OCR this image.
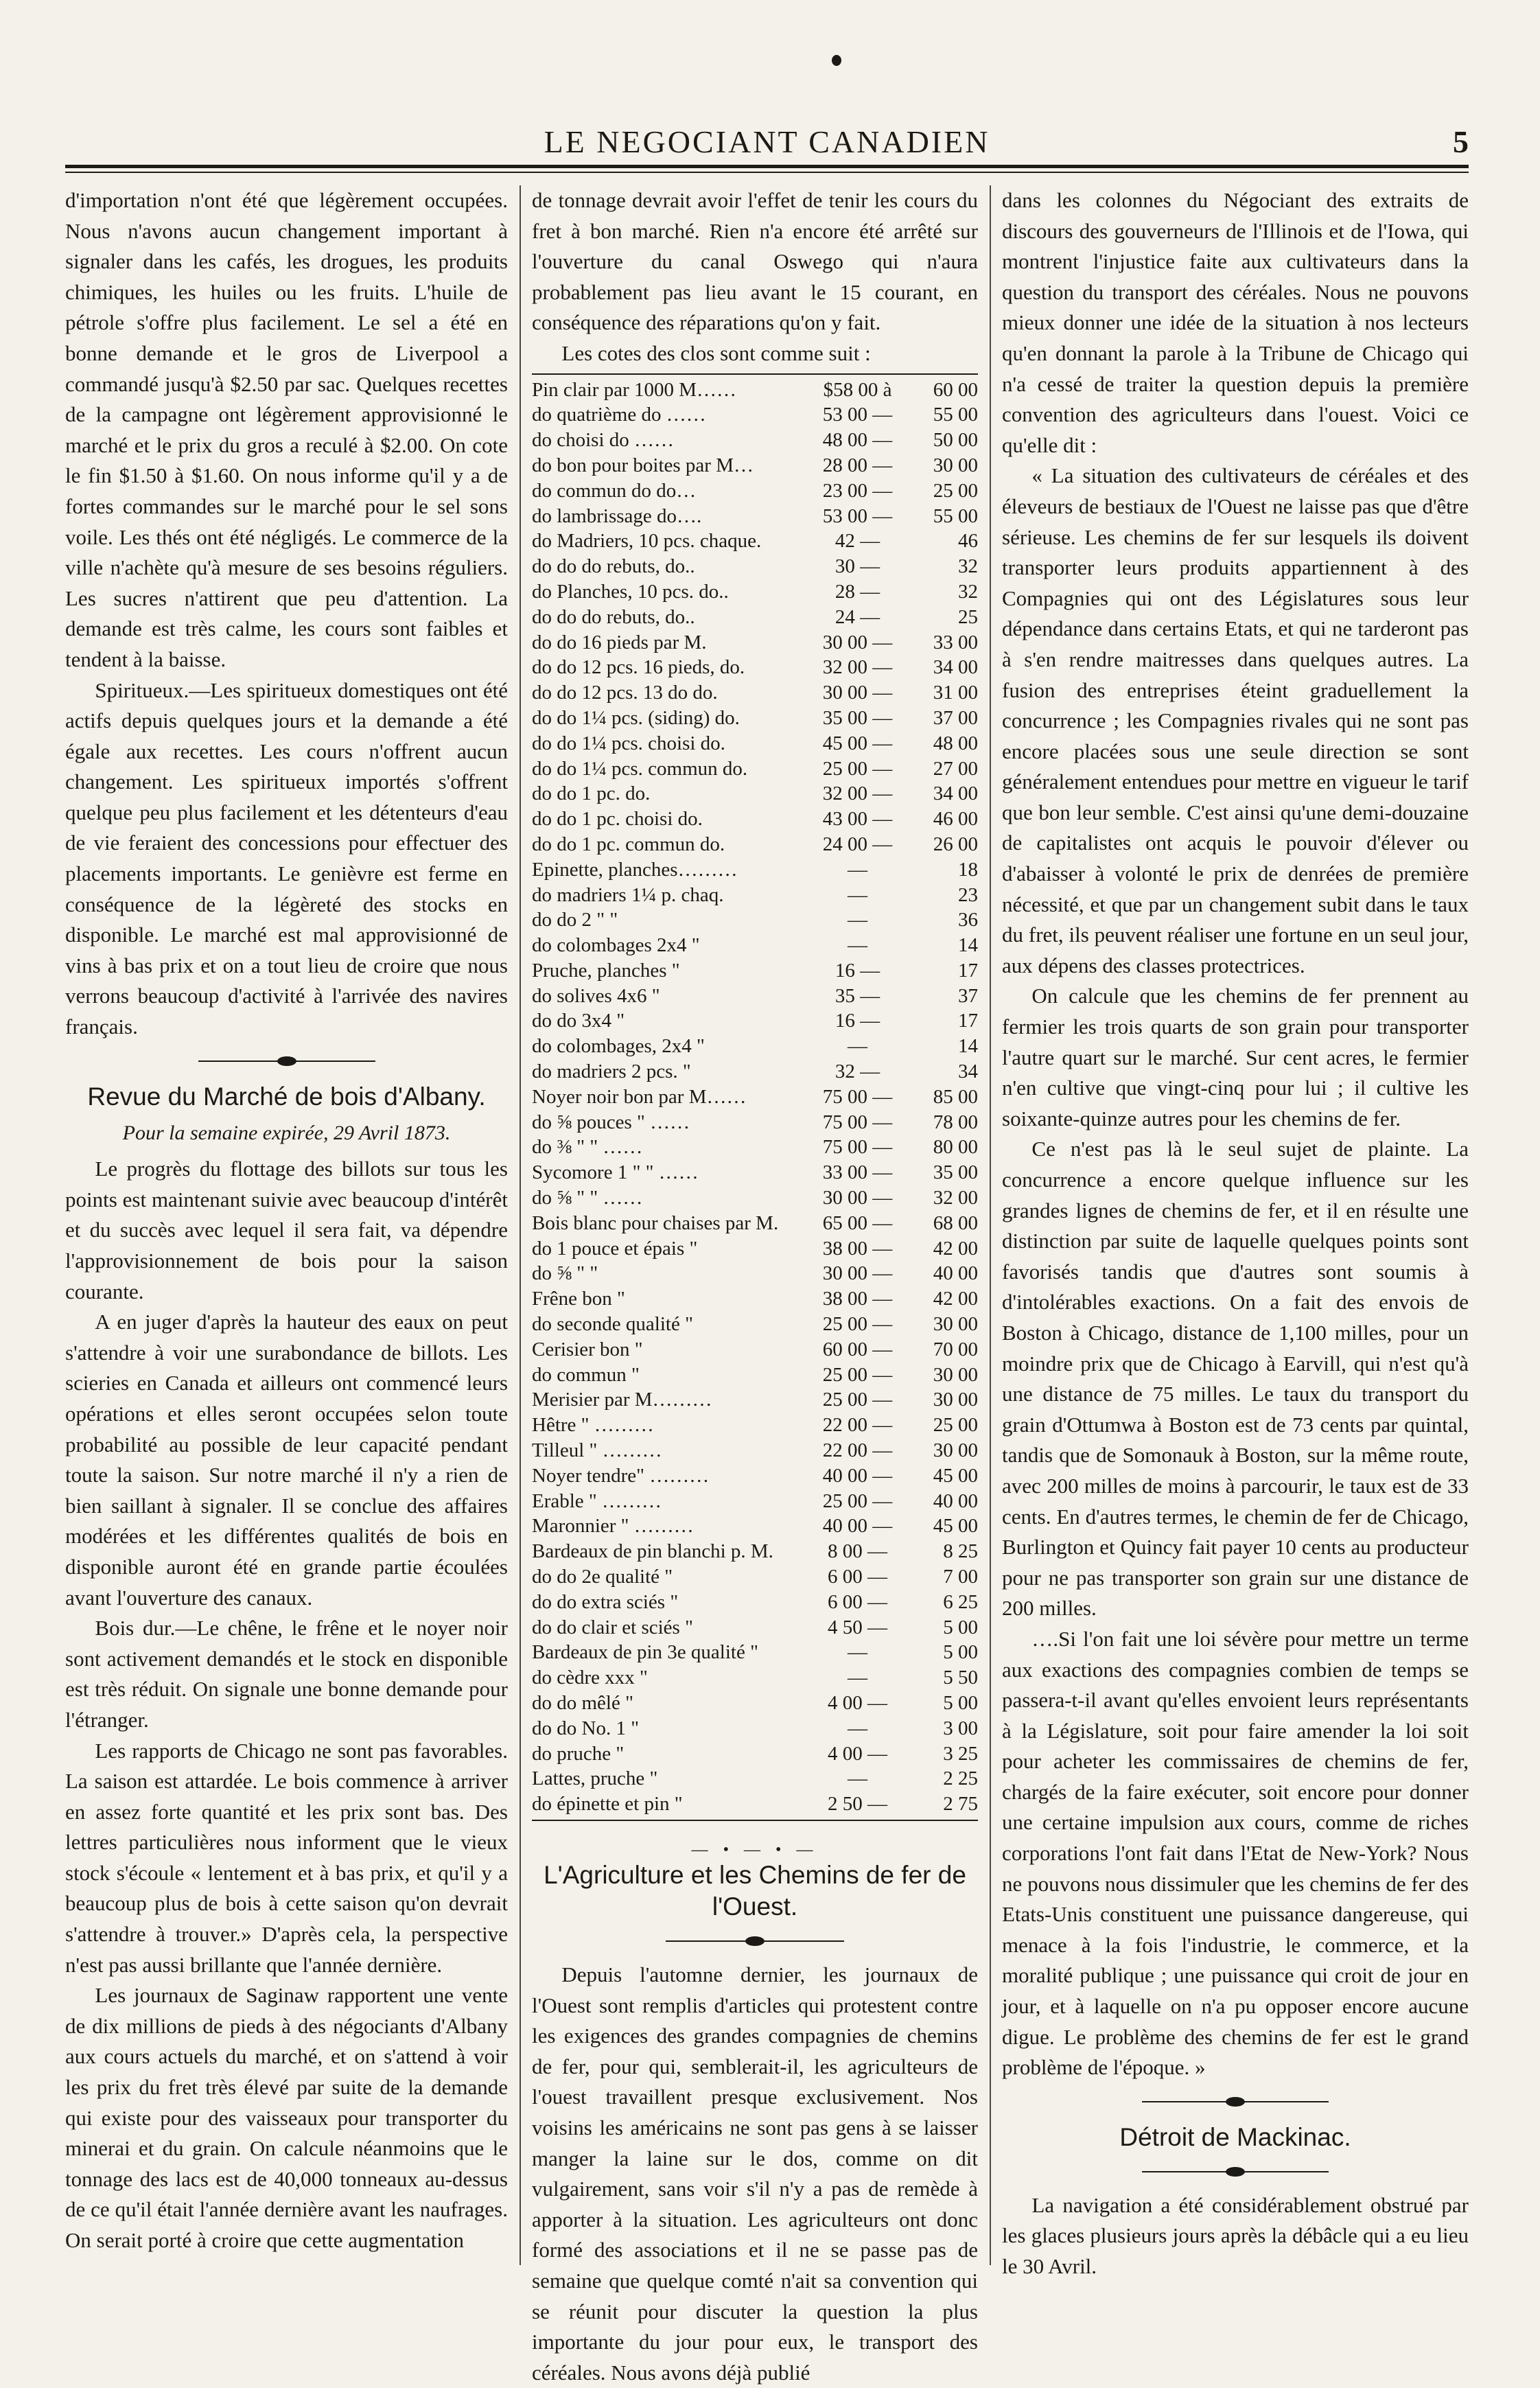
LE NEGOCIANT CANADIEN	5

d'importation n'ont été que légèrement occupées. Nous n'avons aucun changement important à signaler dans les cafés, les drogues, les produits chimiques, les huiles ou les fruits. L'huile de pétrole s'offre plus facilement. Le sel a été en bonne demande et le gros de Liverpool a commandé jusqu'à $2.50 par sac. Quelques recettes de la campagne ont légèrement approvisionné le marché et le prix du gros a reculé à $2.00. On cote le fin $1.50 à $1.60. On nous informe qu'il y a de fortes commandes sur le marché pour le sel sons voile. Les thés ont été négligés. Le commerce de la ville n'achète qu'à mesure de ses besoins réguliers. Les sucres n'attirent que peu d'attention. La demande est très calme, les cours sont faibles et tendent à la baisse.

Spiritueux.—Les spiritueux domestiques ont été actifs depuis quelques jours et la demande a été égale aux recettes. Les cours n'offrent aucun changement. Les spiritueux importés s'offrent quelque peu plus facilement et les détenteurs d'eau de vie feraient des concessions pour effectuer des placements importants. Le genièvre est ferme en conséquence de la légèreté des stocks en disponible. Le marché est mal approvisionné de vins à bas prix et on a tout lieu de croire que nous verrons beaucoup d'activité à l'arrivée des navires français.

Revue du Marché de bois d'Albany.
Pour la semaine expirée, 29 Avril 1873.

Le progrès du flottage des billots sur tous les points est maintenant suivie avec beaucoup d'intérêt et du succès avec lequel il sera fait, va dépendre l'approvisionnement de bois pour la saison courante.

A en juger d'après la hauteur des eaux on peut s'attendre à voir une surabondance de billots. Les scieries en Canada et ailleurs ont commencé leurs opérations et elles seront occupées selon toute probabilité au possible de leur capacité pendant toute la saison. Sur notre marché il n'y a rien de bien saillant à signaler. Il se conclue des affaires modérées et les différentes qualités de bois en disponible auront été en grande partie écoulées avant l'ouverture des canaux.

Bois dur.—Le chêne, le frêne et le noyer noir sont activement demandés et le stock en disponible est très réduit. On signale une bonne demande pour l'étranger.

Les rapports de Chicago ne sont pas favorables. La saison est attardée. Le bois commence à arriver en assez forte quantité et les prix sont bas. Des lettres particulières nous informent que le vieux stock s'écoule « lentement et à bas prix, et qu'il y a beaucoup plus de bois à cette saison qu'on devrait s'attendre à trouver.» D'après cela, la perspective n'est pas aussi brillante que l'année dernière.

Les journaux de Saginaw rapportent une vente de dix millions de pieds à des négociants d'Albany aux cours actuels du marché, et on s'attend à voir les prix du fret très élevé par suite de la demande qui existe pour des vaisseaux pour transporter du minerai et du grain. On calcule néanmoins que le tonnage des lacs est de 40,000 tonneaux au-dessus de ce qu'il était l'année dernière avant les naufrages. On serait porté à croire que cette augmentation

de tonnage devrait avoir l'effet de tenir les cours du fret à bon marché. Rien n'a encore été arrêté sur l'ouverture du canal Oswego qui n'aura probablement pas lieu avant le 15 courant, en conséquence des réparations qu'on y fait.

Les cotes des clos sont comme suit :

Pin clair par 1000 M……	$58 00 à	60 00
do quatrième do ……	53 00 —	55 00
do choisi do ……	48 00 —	50 00
do bon pour boites par M…	28 00 —	30 00
do commun do do…	23 00 —	25 00
do lambrissage do….	53 00 —	55 00
do Madriers, 10 pcs. chaque.	42 —	46
do do do rebuts, do..	30 —	32
do Planches, 10 pcs. do..	28 —	32
do do do rebuts, do..	24 —	25
do do 16 pieds par M.	30 00 —	33 00
do do 12 pcs. 16 pieds, do.	32 00 —	34 00
do do 12 pcs. 13 do do.	30 00 —	31 00
do do 1¼ pcs. (siding) do.	35 00 —	37 00
do do 1¼ pcs. choisi do.	45 00 —	48 00
do do 1¼ pcs. commun do.	25 00 —	27 00
do do 1 pc. do.	32 00 —	34 00
do do 1 pc. choisi do.	43 00 —	46 00
do do 1 pc. commun do.	24 00 —	26 00
Epinette, planches………	—	18
do madriers 1¼ p. chaq.	—	23
do do 2 " "	—	36
do colombages 2x4 "	—	14
Pruche, planches "	16 —	17
do solives 4x6 "	35 —	37
do do 3x4 "	16 —	17
do colombages, 2x4 "	—	14
do madriers 2 pcs. "	32 —	34
Noyer noir bon par M……	75 00 —	85 00
do ⅝ pouces " ……	75 00 —	78 00
do ⅜ " " ……	75 00 —	80 00
Sycomore 1 " " ……	33 00 —	35 00
do ⅝ " " ……	30 00 —	32 00
Bois blanc pour chaises par M.	65 00 —	68 00
do 1 pouce et épais "	38 00 —	42 00
do ⅝ " "	30 00 —	40 00
Frêne bon "	38 00 —	42 00
do seconde qualité "	25 00 —	30 00
Cerisier bon "	60 00 —	70 00
do commun "	25 00 —	30 00
Merisier par M………	25 00 —	30 00
Hêtre " ………	22 00 —	25 00
Tilleul " ………	22 00 —	30 00
Noyer tendre" ………	40 00 —	45 00
Erable " ………	25 00 —	40 00
Maronnier " ………	40 00 —	45 00
Bardeaux de pin blanchi p. M.	8 00 —	8 25
do do 2e qualité "	6 00 —	7 00
do do extra sciés "	6 00 —	6 25
do do clair et sciés "	4 50 —	5 00
Bardeaux de pin 3e qualité "	—	5 00
do cèdre xxx "	—	5 50
do do mêlé "	4 00 —	5 00
do do No. 1 "	—	3 00
do pruche "	4 00 —	3 25
Lattes, pruche "	—	2 25
do épinette et pin "	2 50 —	2 75
— • — • —
L'Agriculture et les Chemins de fer de l'Ouest.

Depuis l'automne dernier, les journaux de l'Ouest sont remplis d'articles qui protestent contre les exigences des grandes compagnies de chemins de fer, pour qui, semblerait-il, les agriculteurs de l'ouest travaillent presque exclusivement. Nos voisins les américains ne sont pas gens à se laisser manger la laine sur le dos, comme on dit vulgairement, sans voir s'il n'y a pas de remède à apporter à la situation. Les agriculteurs ont donc formé des associations et il ne se passe pas de semaine que quelque comté n'ait sa convention qui se réunit pour discuter la question la plus importante du jour pour eux, le transport des céréales. Nous avons déjà publié

dans les colonnes du Négociant des extraits de discours des gouverneurs de l'Illinois et de l'Iowa, qui montrent l'injustice faite aux cultivateurs dans la question du transport des céréales. Nous ne pouvons mieux donner une idée de la situation à nos lecteurs qu'en donnant la parole à la Tribune de Chicago qui n'a cessé de traiter la question depuis la première convention des agriculteurs dans l'ouest. Voici ce qu'elle dit :

« La situation des cultivateurs de céréales et des éleveurs de bestiaux de l'Ouest ne laisse pas que d'être sérieuse. Les chemins de fer sur lesquels ils doivent transporter leurs produits appartiennent à des Compagnies qui ont des Législatures sous leur dépendance dans certains Etats, et qui ne tarderont pas à s'en rendre maitresses dans quelques autres. La fusion des entreprises éteint graduellement la concurrence ; les Compagnies rivales qui ne sont pas encore placées sous une seule direction se sont généralement entendues pour mettre en vigueur le tarif que bon leur semble. C'est ainsi qu'une demi-douzaine de capitalistes ont acquis le pouvoir d'élever ou d'abaisser à volonté le prix de denrées de première nécessité, et que par un changement subit dans le taux du fret, ils peuvent réaliser une fortune en un seul jour, aux dépens des classes protectrices.

On calcule que les chemins de fer prennent au fermier les trois quarts de son grain pour transporter l'autre quart sur le marché. Sur cent acres, le fermier n'en cultive que vingt-cinq pour lui ; il cultive les soixante-quinze autres pour les chemins de fer.

Ce n'est pas là le seul sujet de plainte. La concurrence a encore quelque influence sur les grandes lignes de chemins de fer, et il en résulte une distinction par suite de laquelle quelques points sont favorisés tandis que d'autres sont soumis à d'intolérables exactions. On a fait des envois de Boston à Chicago, distance de 1,100 milles, pour un moindre prix que de Chicago à Earvill, qui n'est qu'à une distance de 75 milles. Le taux du transport du grain d'Ottumwa à Boston est de 73 cents par quintal, tandis que de Somonauk à Boston, sur la même route, avec 200 milles de moins à parcourir, le taux est de 33 cents. En d'autres termes, le chemin de fer de Chicago, Burlington et Quincy fait payer 10 cents au producteur pour ne pas transporter son grain sur une distance de 200 milles.

….Si l'on fait une loi sévère pour mettre un terme aux exactions des compagnies combien de temps se passera-t-il avant qu'elles envoient leurs représentants à la Législature, soit pour faire amender la loi soit pour acheter les commissaires de chemins de fer, chargés de la faire exécuter, soit encore pour donner une certaine impulsion aux cours, comme de riches corporations l'ont fait dans l'Etat de New-York? Nous ne pouvons nous dissimuler que les chemins de fer des Etats-Unis constituent une puissance dangereuse, qui menace à la fois l'industrie, le commerce, et la moralité publique ; une puissance qui croit de jour en jour, et à laquelle on n'a pu opposer encore aucune digue. Le problème des chemins de fer est le grand problème de l'époque. »

Détroit de Mackinac.

La navigation a été considérablement obstrué par les glaces plusieurs jours après la débâcle qui a eu lieu le 30 Avril.
